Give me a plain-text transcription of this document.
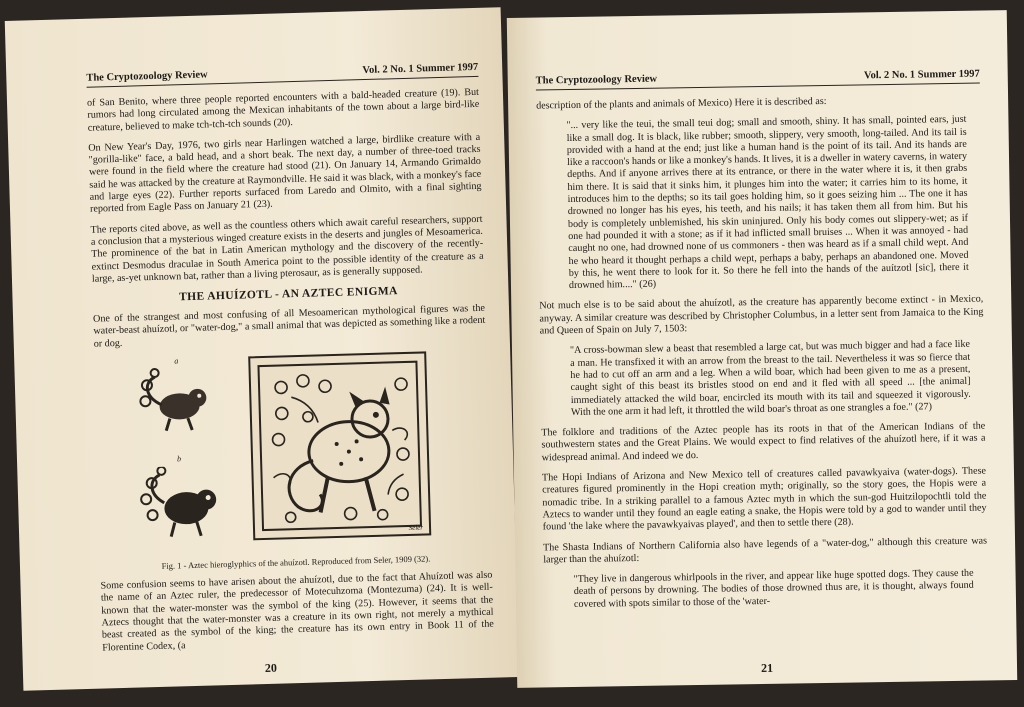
The Cryptozoology Review
Vol. 2 No. 1 Summer 1997

of San Benito, where three people reported encounters with a bald-headed creature (19). But rumors had long circulated among the Mexican inhabitants of the town about a large bird-like creature, believed to make tch-tch-tch sounds (20).

On New Year's Day, 1976, two girls near Harlingen watched a large, birdlike creature with a "gorilla-like" face, a bald head, and a short beak. The next day, a number of three-toed tracks were found in the field where the creature had stood (21). On January 14, Armando Grimaldo said he was attacked by the creature at Raymondville. He said it was black, with a monkey's face and large eyes (22). Further reports surfaced from Laredo and Olmito, with a final sighting reported from Eagle Pass on January 21 (23).

The reports cited above, as well as the countless others which await careful researchers, support a conclusion that a mysterious winged creature exists in the deserts and jungles of Mesoamerica. The prominence of the bat in Latin American mythology and the discovery of the recently-extinct Desmodus draculae in South America point to the possible identity of the creature as a large, as-yet unknown bat, rather than a living pterosaur, as is generally supposed.

THE AHUÍZOTL - AN AZTEC ENIGMA

One of the strangest and most confusing of all Mesoamerican mythological figures was the water-beast ahuízotl, or "water-dog," a small animal that was depicted as something like a rodent or dog.

a
b
Seler
Fig. 1 - Aztec hieroglyphics of the ahuízotl. Reproduced from Seler, 1909 (32).

Some confusion seems to have arisen about the ahuízotl, due to the fact that Ahuízotl was also the name of an Aztec ruler, the predecessor of Motecuhzoma (Montezuma) (24). It is well-known that the water-monster was the symbol of the king (25). However, it seems that the Aztecs thought that the water-monster was a creature in its own right, not merely a mythical beast created as the symbol of the king; the creature has its own entry in Book 11 of the Florentine Codex, (a

20
The Cryptozoology Review	Vol. 2 No. 1 Summer 1997

description of the plants and animals of Mexico) Here it is described as:

"... very like the teui, the small teui dog; small and smooth, shiny. It has small, pointed ears, just like a small dog. It is black, like rubber; smooth, slippery, very smooth, long-tailed. And its tail is provided with a hand at the end; just like a human hand is the point of its tail. And its hands are like a raccoon's hands or like a monkey's hands. It lives, it is a dweller in watery caverns, in watery depths. And if anyone arrives there at its entrance, or there in the water where it is, it then grabs him there. It is said that it sinks him, it plunges him into the water; it carries him to its home, it introduces him to the depths; so its tail goes holding him, so it goes seizing him ... The one it has drowned no longer has his eyes, his teeth, and his nails; it has taken them all from him. But his body is completely unblemished, his skin uninjured. Only his body comes out slippery-wet; as if one had pounded it with a stone; as if it had inflicted small bruises ... When it was annoyed - had caught no one, had drowned none of us commoners - then was heard as if a small child wept. And he who heard it thought perhaps a child wept, perhaps a baby, perhaps an abandoned one. Moved by this, he went there to look for it. So there he fell into the hands of the auítzotl [sic], there it drowned him...." (26)

Not much else is to be said about the ahuízotl, as the creature has apparently become extinct - in Mexico, anyway. A similar creature was described by Christopher Columbus, in a letter sent from Jamaica to the King and Queen of Spain on July 7, 1503:

"A cross-bowman slew a beast that resembled a large cat, but was much bigger and had a face like a man. He transfixed it with an arrow from the breast to the tail. Nevertheless it was so fierce that he had to cut off an arm and a leg. When a wild boar, which had been given to me as a present, caught sight of this beast its bristles stood on end and it fled with all speed ... [the animal] immediately attacked the wild boar, encircled its mouth with its tail and squeezed it vigorously. With the one arm it had left, it throttled the wild boar's throat as one strangles a foe." (27)

The folklore and traditions of the Aztec people has its roots in that of the American Indians of the southwestern states and the Great Plains. We would expect to find relatives of the ahuízotl here, if it was a widespread animal. And indeed we do.

The Hopi Indians of Arizona and New Mexico tell of creatures called pavawkyaiva (water-dogs). These creatures figured prominently in the Hopi creation myth; originally, so the story goes, the Hopis were a nomadic tribe. In a striking parallel to a famous Aztec myth in which the sun-god Huitzilopochtli told the Aztecs to wander until they found an eagle eating a snake, the Hopis were told by a god to wander until they found 'the lake where the pavawkyaivas played', and then to settle there (28).

The Shasta Indians of Northern California also have legends of a "water-dog," although this creature was larger than the ahuízotl:

"They live in dangerous whirlpools in the river, and appear like huge spotted dogs. They cause the death of persons by drowning. The bodies of those drowned thus are, it is thought, always found covered with spots similar to those of the 'water-

21
